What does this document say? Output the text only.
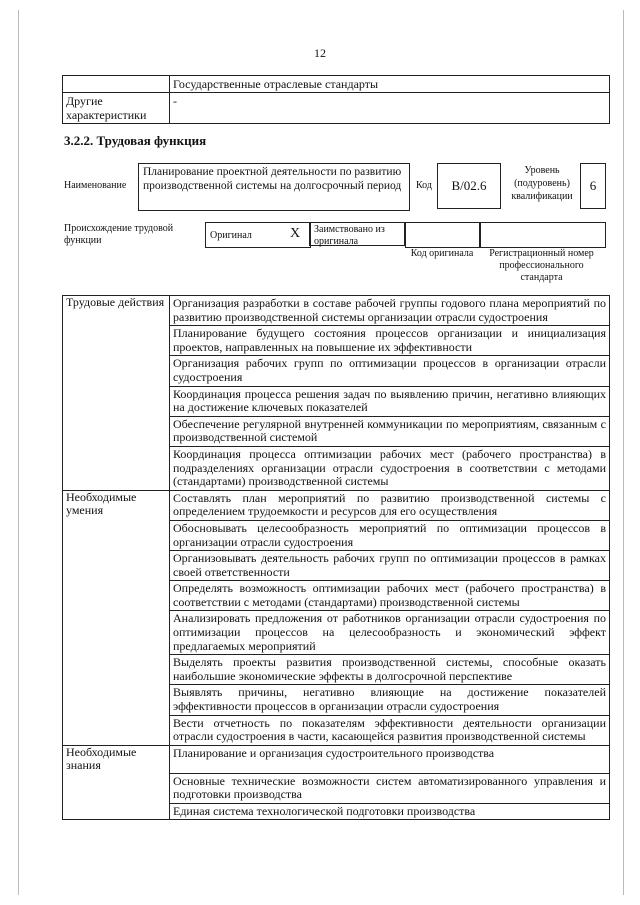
12
	Государственные отраслевые стандарты
Другие характеристики	-
3.2.2. Трудовая функция
Наименование
Планирование проектной деятельности по развитию производственной системы на долгосрочный период	Код	B/02.6
Уровень (подуровень) квалификации
6
Происхождение трудовой функции	Оригинал	X	Заимствовано из оригинала
Код оригинала	Регистрационный номер профессионального стандарта
Трудовые действия	Организация разработки в составе рабочей группы годового плана мероприятий по развитию производственной системы организации отрасли судостроения
	Планирование будущего состояния процессов организации и инициализация проектов, направленных на повышение их эффективности
	Организация рабочих групп по оптимизации процессов в организации отрасли судостроения
	Координация процесса решения задач по выявлению причин, негативно влияющих на достижение ключевых показателей
	Обеспечение регулярной внутренней коммуникации по мероприятиям, связанным с производственной системой
	Координация процесса оптимизации рабочих мест (рабочего пространства) в подразделениях организации отрасли судостроения в соответствии с методами (стандартами) производственной системы
Необходимые умения	Составлять план мероприятий по развитию производственной системы с определением трудоемкости и ресурсов для его осуществления
	Обосновывать целесообразность мероприятий по оптимизации процессов в организации отрасли судостроения
	Организовывать деятельность рабочих групп по оптимизации процессов в рамках своей ответственности
	Определять возможность оптимизации рабочих мест (рабочего пространства) в соответствии с методами (стандартами) производственной системы
	Анализировать предложения от работников организации отрасли судостроения по оптимизации процессов на целесообразность и экономический эффект предлагаемых мероприятий
	Выделять проекты развития производственной системы, способные оказать наибольшие экономические эффекты в долгосрочной перспективе
	Выявлять причины, негативно влияющие на достижение показателей эффективности процессов в организации отрасли судостроения
	Вести отчетность по показателям эффективности деятельности организации отрасли судостроения в части, касающейся развития производственной системы
Необходимые знания	Планирование и организация судостроительного производства
	Основные технические возможности систем автоматизированного управления и подготовки производства
	Единая система технологической подготовки производства
